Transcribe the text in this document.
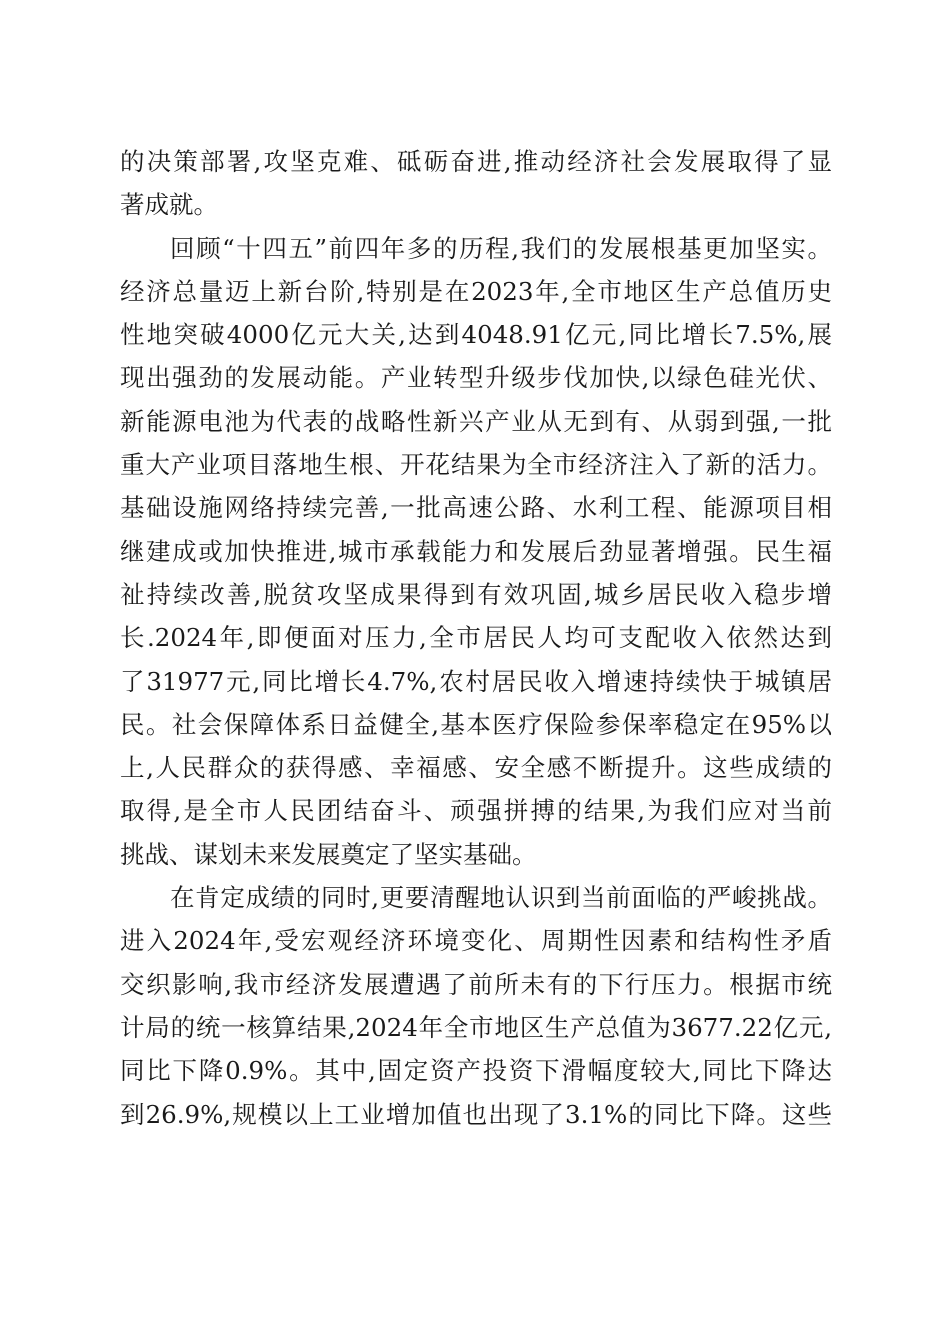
的决策部署,攻坚克难、砥砺奋进,推动经济社会发展取得了显
著成就。
回顾“十四五”前四年多的历程,我们的发展根基更加坚实。
经济总量迈上新台阶,特别是在2023年,全市地区生产总值历史
性地突破4000亿元大关,达到4048.91亿元,同比增长7.5%,展
现出强劲的发展动能。产业转型升级步伐加快,以绿色硅光伏、
新能源电池为代表的战略性新兴产业从无到有、从弱到强,一批
重大产业项目落地生根、开花结果为全市经济注入了新的活力。
基础设施网络持续完善,一批高速公路、水利工程、能源项目相
继建成或加快推进,城市承载能力和发展后劲显著增强。民生福
祉持续改善,脱贫攻坚成果得到有效巩固,城乡居民收入稳步增
长.2024年,即便面对压力,全市居民人均可支配收入依然达到
了31977元,同比增长4.7%,农村居民收入增速持续快于城镇居
民。社会保障体系日益健全,基本医疗保险参保率稳定在95%以
上,人民群众的获得感、幸福感、安全感不断提升。这些成绩的
取得,是全市人民团结奋斗、顽强拼搏的结果,为我们应对当前
挑战、谋划未来发展奠定了坚实基础。
在肯定成绩的同时,更要清醒地认识到当前面临的严峻挑战。
进入2024年,受宏观经济环境变化、周期性因素和结构性矛盾
交织影响,我市经济发展遭遇了前所未有的下行压力。根据市统
计局的统一核算结果,2024年全市地区生产总值为3677.22亿元,
同比下降0.9%。其中,固定资产投资下滑幅度较大,同比下降达
到26.9%,规模以上工业增加值也出现了3.1%的同比下降。这些
